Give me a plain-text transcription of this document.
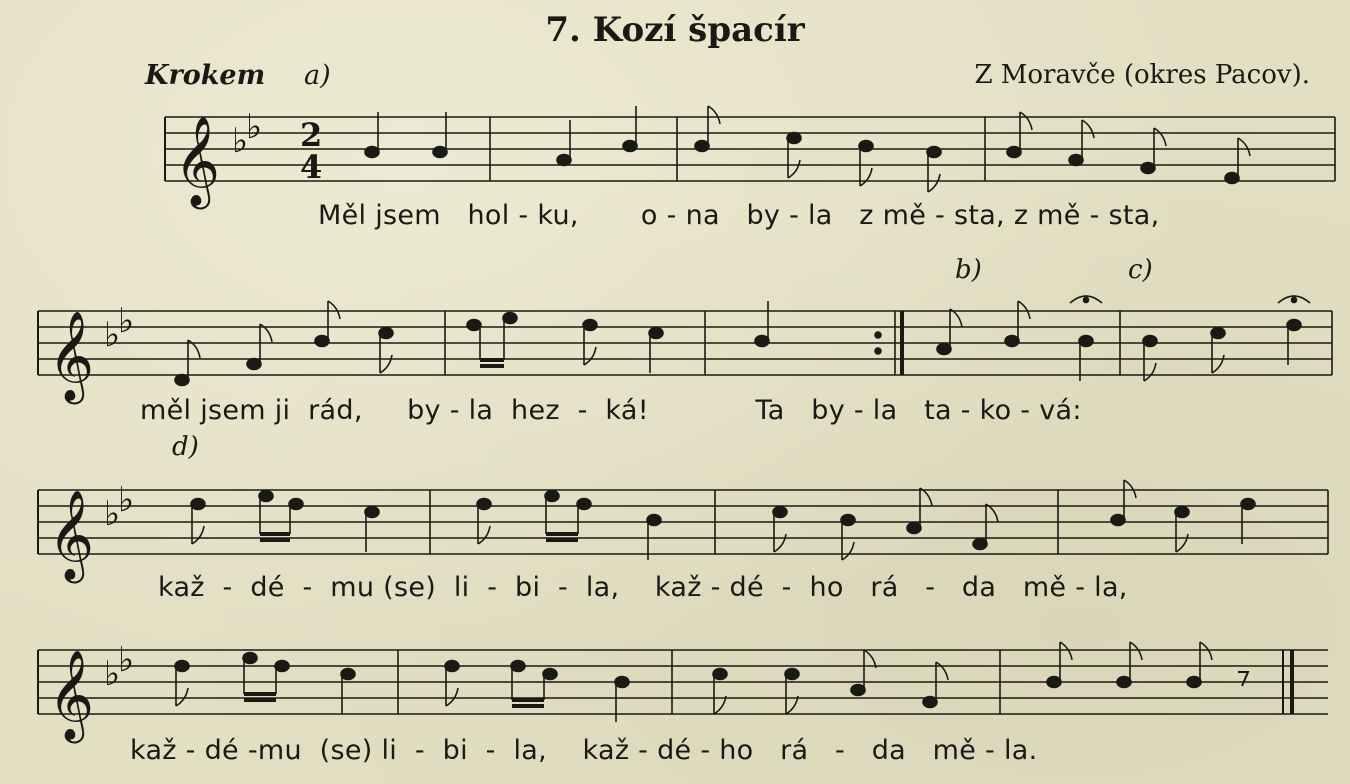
7. Kozí špacír
Krokem a)	Z Moravče (okres Pacov).
b)	c)
d)
𝄞 ♭
♭ 2
4
𝄞 ♭
♭
𝄞 ♭
♭
𝄞 ♭
♭
Měl jsem   hol - ku,       o - na   by - la   z mě - sta, z mě - sta,
měl jsem ji  rád,     by - la  hez  -  ká!            Ta   by - la   ta - ko - vá:
kaž  -  dé  -  mu (se)  li  -  bi  -  la,    kaž - dé  -  ho   rá   -   da   mě - la,
kaž - dé -mu  (se) li  -  bi  -  la,    kaž - dé - ho   rá   -   da   mě - la.
